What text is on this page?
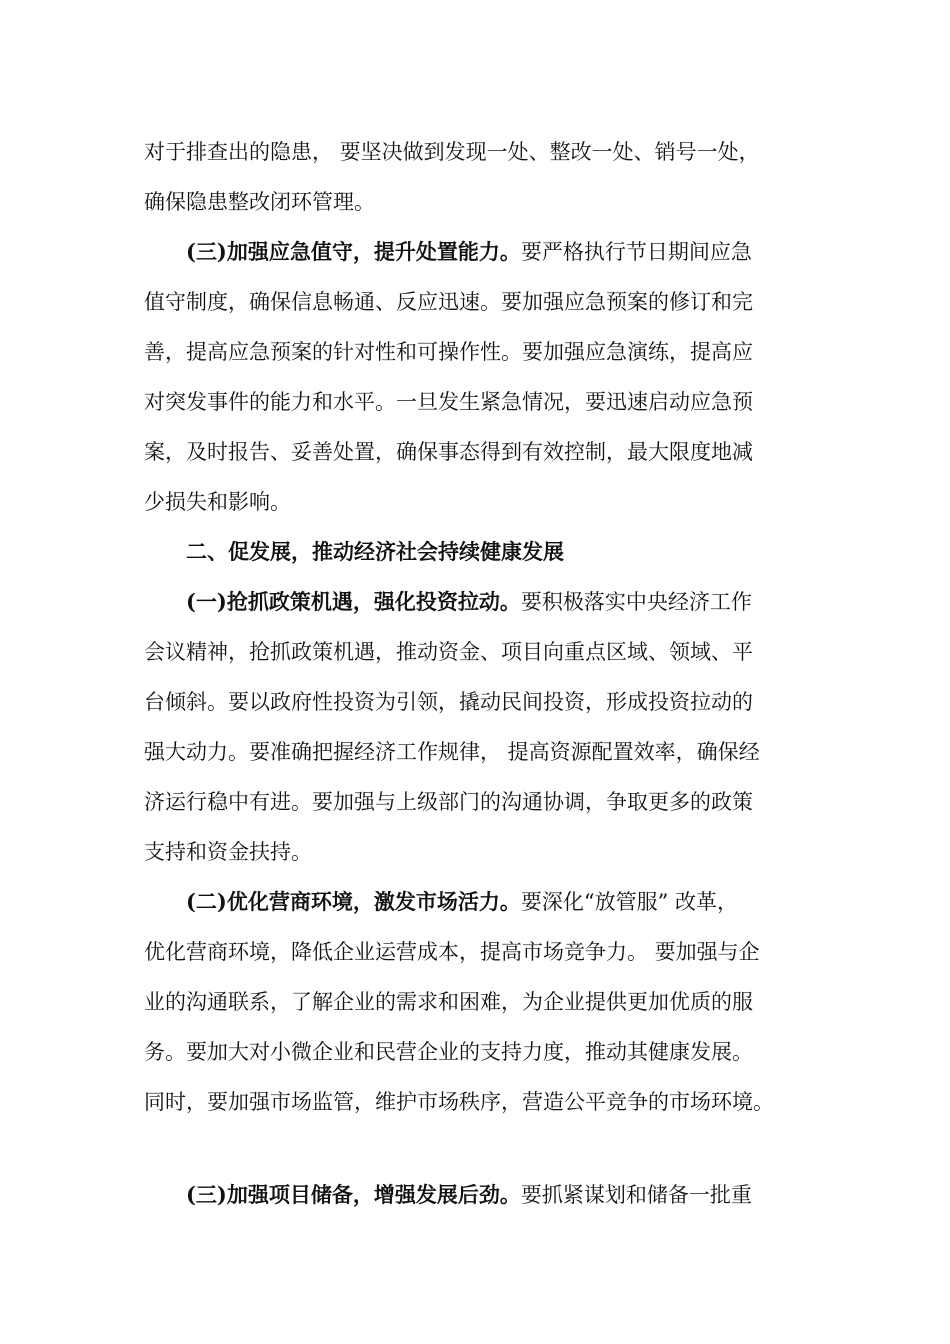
对于排查出的隐患， 要坚决做到发现一处、整改一处、销号一处，
确保隐患整改闭环管理。
(三)加强应急值守，提升处置能力。要严格执行节日期间应急
值守制度，确保信息畅通、反应迅速。要加强应急预案的修订和完
善，提高应急预案的针对性和可操作性。要加强应急演练，提高应
对突发事件的能力和水平。一旦发生紧急情况，要迅速启动应急预
案，及时报告、妥善处置，确保事态得到有效控制，最大限度地减
少损失和影响。
二、促发展，推动经济社会持续健康发展
(一)抢抓政策机遇，强化投资拉动。要积极落实中央经济工作
会议精神，抢抓政策机遇，推动资金、项目向重点区域、领域、平
台倾斜。要以政府性投资为引领，撬动民间投资，形成投资拉动的
强大动力。要准确把握经济工作规律， 提高资源配置效率，确保经
济运行稳中有进。要加强与上级部门的沟通协调，争取更多的政策
支持和资金扶持。
(二)优化营商环境，激发市场活力。要深化“放管服” 改革，
优化营商环境，降低企业运营成本，提高市场竞争力。 要加强与企
业的沟通联系，了解企业的需求和困难，为企业提供更加优质的服
务。要加大对小微企业和民营企业的支持力度，推动其健康发展。
同时，要加强市场监管，维护市场秩序，营造公平竞争的市场环境。
(三)加强项目储备，增强发展后劲。要抓紧谋划和储备一批重
